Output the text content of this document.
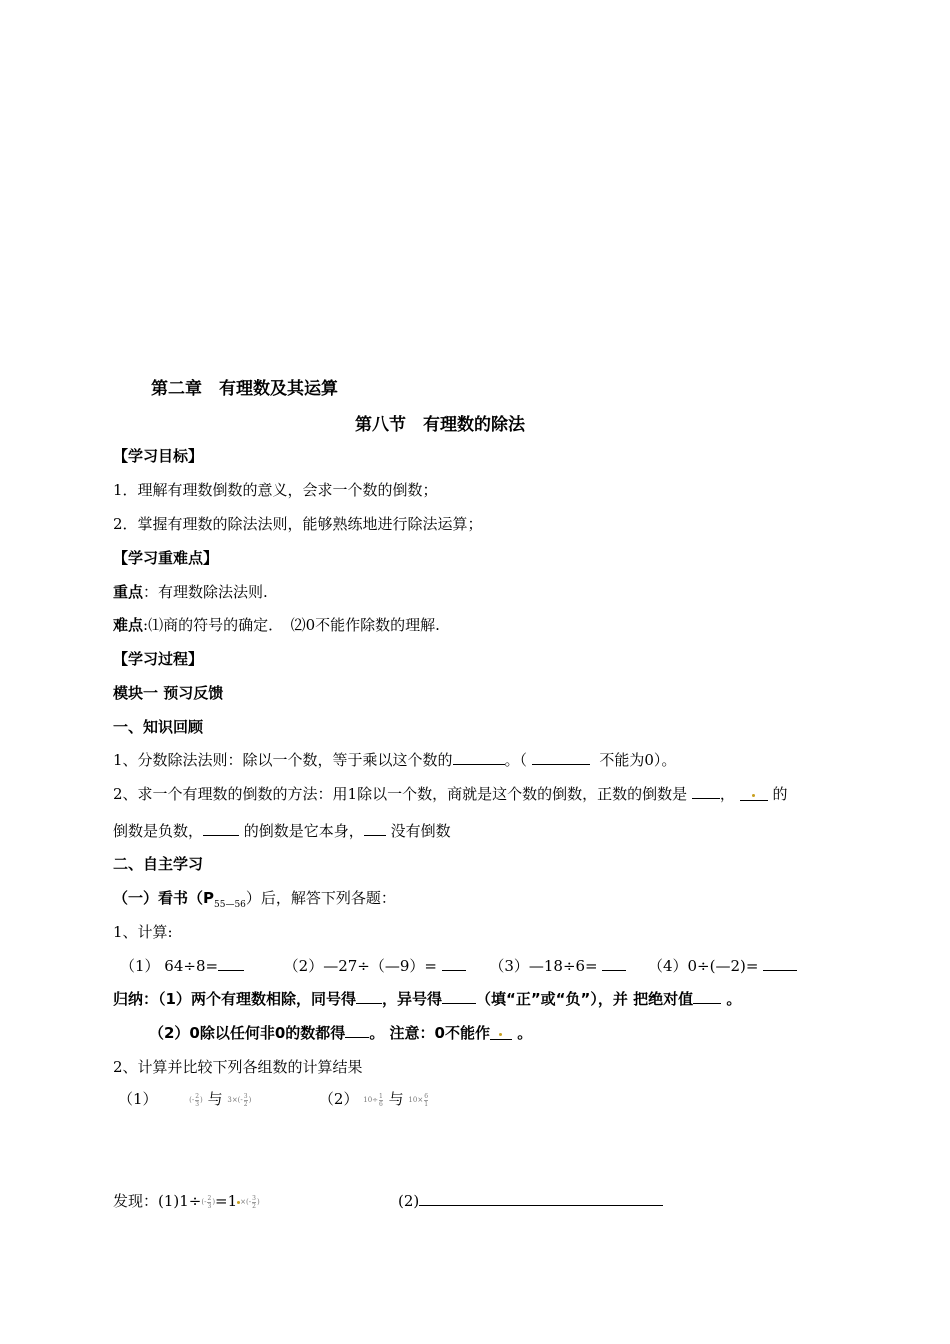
第二章　有理数及其运算
第八节　有理数的除法
【学习目标】
1．理解有理数倒数的意义，会求一个数的倒数；
2．掌握有理数的除法法则，能够熟练地进行除法运算；
【学习重难点】
重点：有理数除法法则.
难点:⑴商的符号的确定．　⑵0不能作除数的理解.
【学习过程】
模块一 预习反馈
一、知识回顾
1、分数除法法则：除以一个数，等于乘以这个数的	。（	不能为0）。
2、求一个有理数的倒数的方法：用1除以一个数，商就是这个数的倒数，正数的倒数是 ，	的
倒数是负数，	的倒数是它本身， 没有倒数
二、自主学习
（一）看书$(P_{55—56})$后，解答下列各题：
1、计算:
（1） 64÷8=	（2）—27÷（—9）=	（3）—18÷6=	（4）0÷(—2)=
归纳：（1）两个有理数相除，同号得 ，异号得 （填“正”或“负”），并 把绝对值 。
（2）0除以任何非0的数都得 。 注意：0不能作 。
2、计算并比较下列各组数的计算结果
（1）	(- $\frac{2}{3}$ ) 与 $3\times(- \frac{3}{2}$ )	（2） $10\div \frac{1}{6}$ 与 $10\times \frac{6}{1}$
发现：$(1)1\div(- \frac{2}{3} )=1$ ×(- $\frac{3}{2}$ )	(2)
